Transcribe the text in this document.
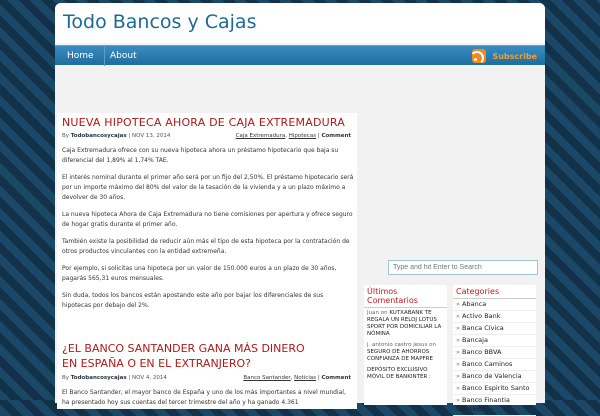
Todo Bancos y Cajas
Home	About	Subscribe
NUEVA HIPOTECA AHORA DE CAJA EXTREMADURA
By Todobancosycajas | NOV 13, 2014	Caja Extremadura, Hipotecas | Comment

Caja Extremadura ofrece con su nueva hipoteca ahora un préstamo hipotecario que baja su diferencial del 1,89% al 1,74% TAE.

El interés nominal durante el primer año será por un fijo del 2,50%. El préstamo hipotecario será por un importe máximo del 80% del valor de la tasación de la vivienda y a un plazo máximo a devolver de 30 años.

La nueva hipoteca Ahora de Caja Extremadura no tiene comisiones por apertura y ofrece seguro de hogar gratis durante el primer año.

También existe la posibilidad de reducir aún más el tipo de esta hipoteca por la contratación de otros productos vinculantes con la entidad extremeña.

Por ejemplo, si solicitas una hipoteca por un valor de 150.000 euros a un plazo de 30 años, pagarás 565,31 euros mensuales.

Sin duda, todos los bancos están apostando este año por bajar los diferenciales de sus hipotecas por debajo del 2%.

¿EL BANCO SANTANDER GANA MÁS DINERO EN ESPAÑA O EN EL EXTRANJERO?
By Todobancosycajas | NOV 4, 2014	Banco Santander, Noticias | Comment

El Banco Santander, el mayor banco de España y uno de los más importantes a nivel mundial, ha presentado hoy sus cuentas del tercer trimestre del año y ha ganado 4.361

Type and hit Enter to Search
Últimos Comentarios
Juan on KUTXABANK TE REGALA UN RELOJ LOTUS SPORT POR DOMICILIAR LA NÓMINA
j. antonio castro jesus on SEGURO DE AHORROS CONFIANZA DE MAPFRE
DEPÓSITO EXCLUSIVO MÓVIL DE BANKINTER :
Categories
» Abanca
» Activo Bank
» Banca Cívica
» Bancaja
» Banco BBVA
» Banco Caminos
» Banco de Valencia
» Banco Espirito Santo
» Banco Finantia Sofinloc
